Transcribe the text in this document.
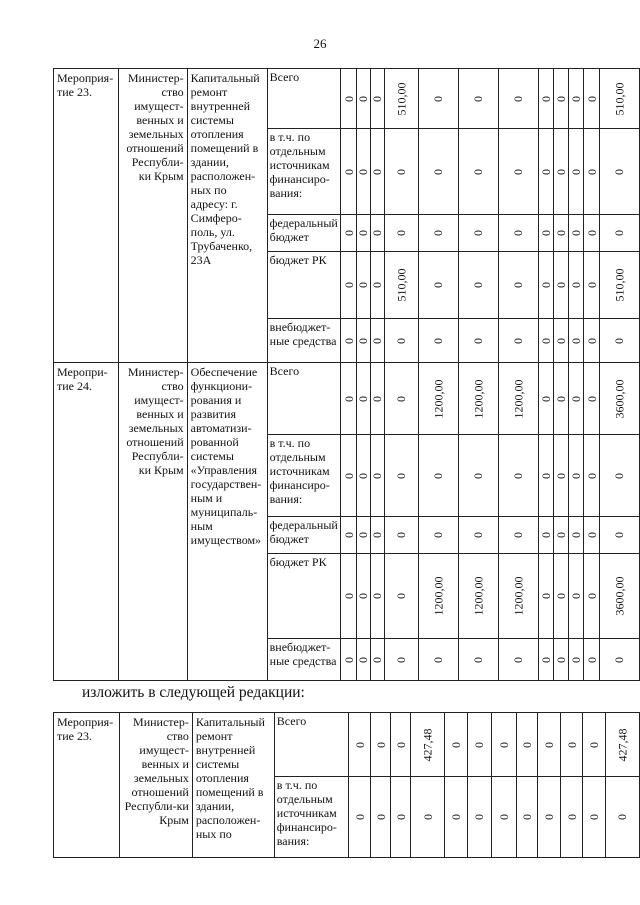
26
изложить в следующей редакции:
Мероприя-тие 23.	Министер-ство имущест-венных и земельных отношений Республи-ки Крым	Капитальный ремонт внутренней системы отопления помещений в здании, расположен-ных по адресу: г. Симферо-поль, ул. Трубаченко, 23А	Всего	0	0	0	510,00	0	0	0	0	0	0	0	510,00
			в т.ч. по отдельным источникам финансиро-вания:	0	0	0	0	0	0	0	0	0	0	0	0
			федеральный бюджет	0	0	0	0	0	0	0	0	0	0	0	0
			бюджет РК	0	0	0	510,00	0	0	0	0	0	0	0	510,00
			внебюджет-ные средства	0	0	0	0	0	0	0	0	0	0	0	0
Меропри-тие 24.	Министер-ство имущест-венных и земельных отношений Республи-ки Крым	Обеспечение функциони-рования и развития автоматизи-рованной системы «Управления государствен-ным и муниципаль-ным имуществом»	Всего	0	0	0	0	1200,00	1200,00	1200,00	0	0	0	0	3600,00
			в т.ч. по отдельным источникам финансиро-вания:	0	0	0	0	0	0	0	0	0	0	0	0
			федеральный бюджет	0	0	0	0	0	0	0	0	0	0	0	0
			бюджет РК	0	0	0	0	1200,00	1200,00	1200,00	0	0	0	0	3600,00
			внебюджет-ные средства	0	0	0	0	0	0	0	0	0	0	0	0
Мероприя-тие 23.	Министер-ство имущест-венных и земельных отношений Республи-ки Крым	Капитальный ремонт внутренней системы отопления помещений в здании, расположен-ных по	Всего	0	0	0	427,48	0	0	0	0	0	0	0	427,48
			в т.ч. по отдельным источникам финансиро-вания:	0	0	0	0	0	0	0	0	0	0	0	0
